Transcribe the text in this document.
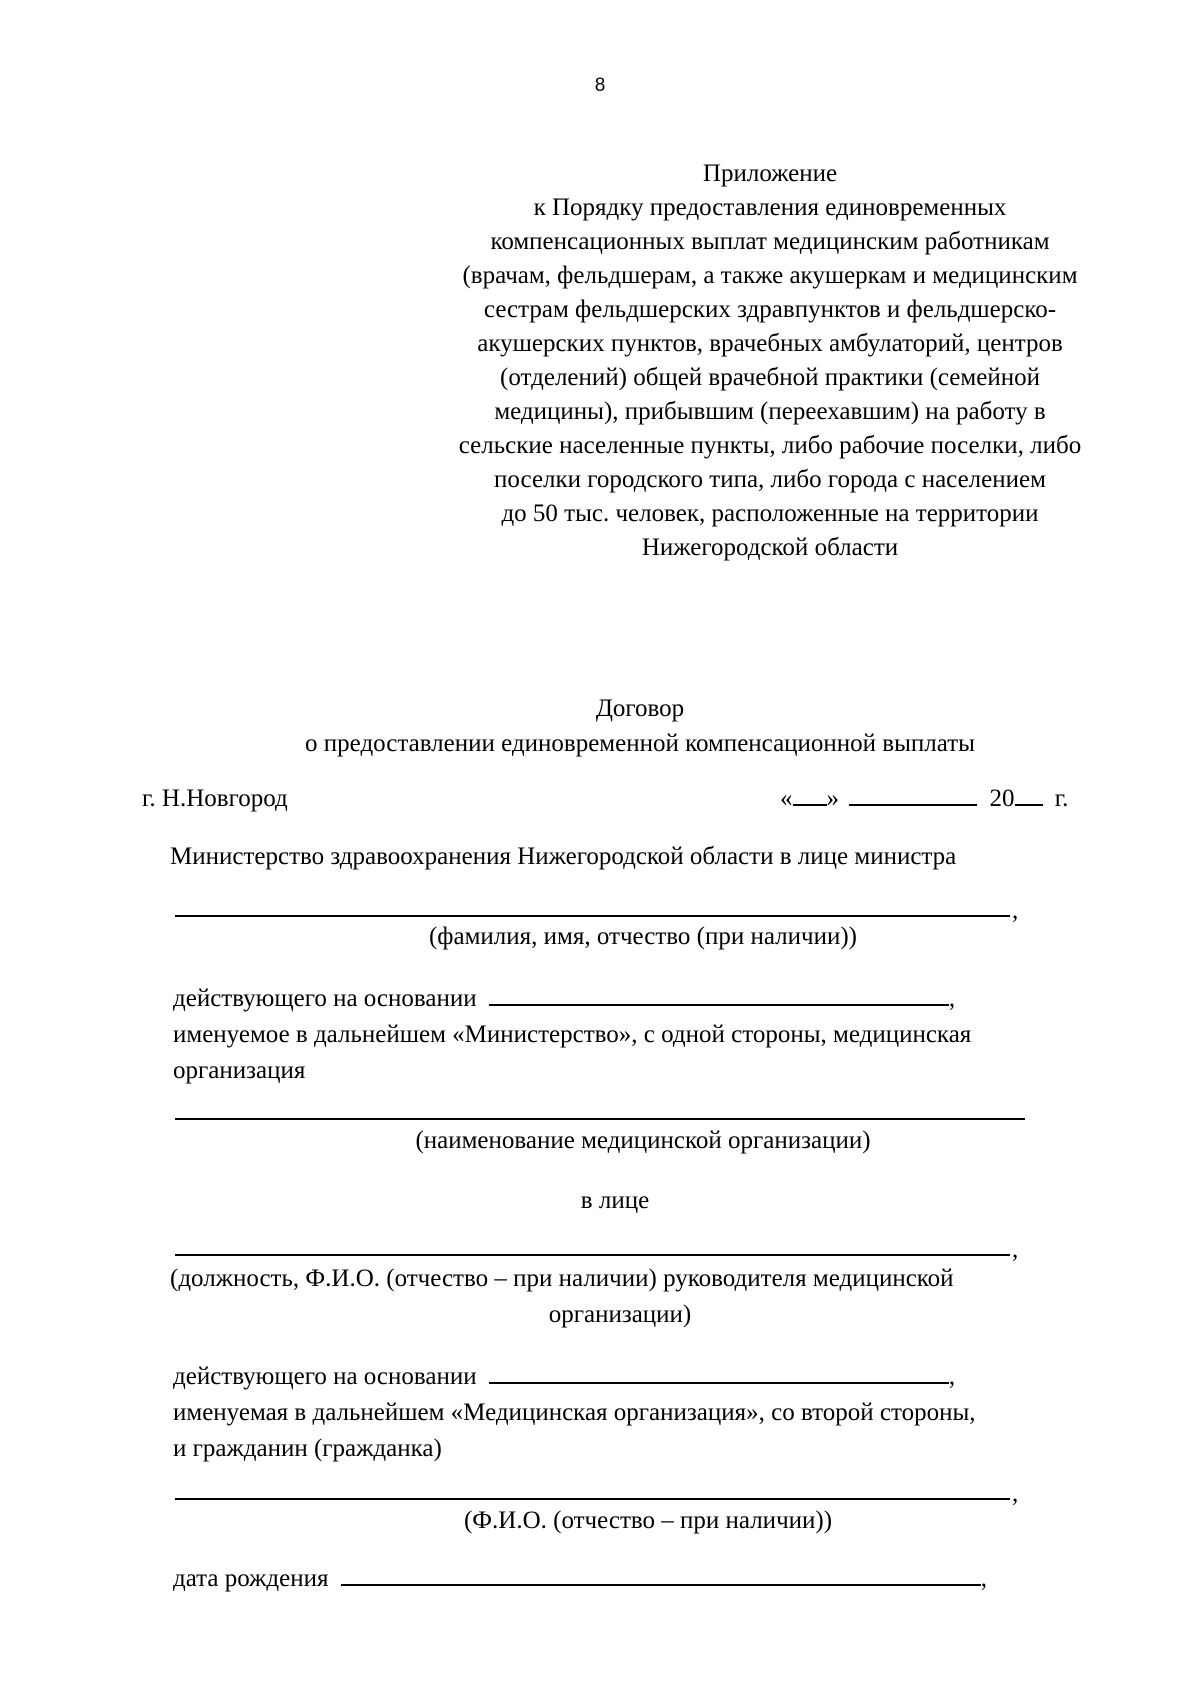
8
Приложение
к Порядку предоставления единовременных
компенсационных выплат медицинским работникам
(врачам, фельдшерам, а также акушеркам и медицинским
сестрам фельдшерских здравпунктов и фельдшерско-
акушерских пунктов, врачебных амбулаторий, центров
(отделений) общей врачебной практики (семейной
медицины), прибывшим (переехавшим) на работу в
сельские населенные пункты, либо рабочие поселки, либо
поселки городского типа, либо города с населением
до 50 тыс. человек, расположенные на территории
Нижегородской области
Договор
о предоставлении единовременной компенсационной выплаты
г. Н.Новгород	« »	20 г.
Министерство здравоохранения Нижегородской области в лице министра
,
(фамилия, имя, отчество (при наличии))
действующего на основании	,
именуемое в дальнейшем «Министерство», с одной стороны, медицинская
организация
(наименование медицинской организации)
в лице
,
(должность, Ф.И.О. (отчество – при наличии) руководителя медицинской
организации)
действующего на основании	,
именуемая в дальнейшем «Медицинская организация», со второй стороны,
и гражданин (гражданка)
,
(Ф.И.О. (отчество – при наличии))
дата рождения	,
